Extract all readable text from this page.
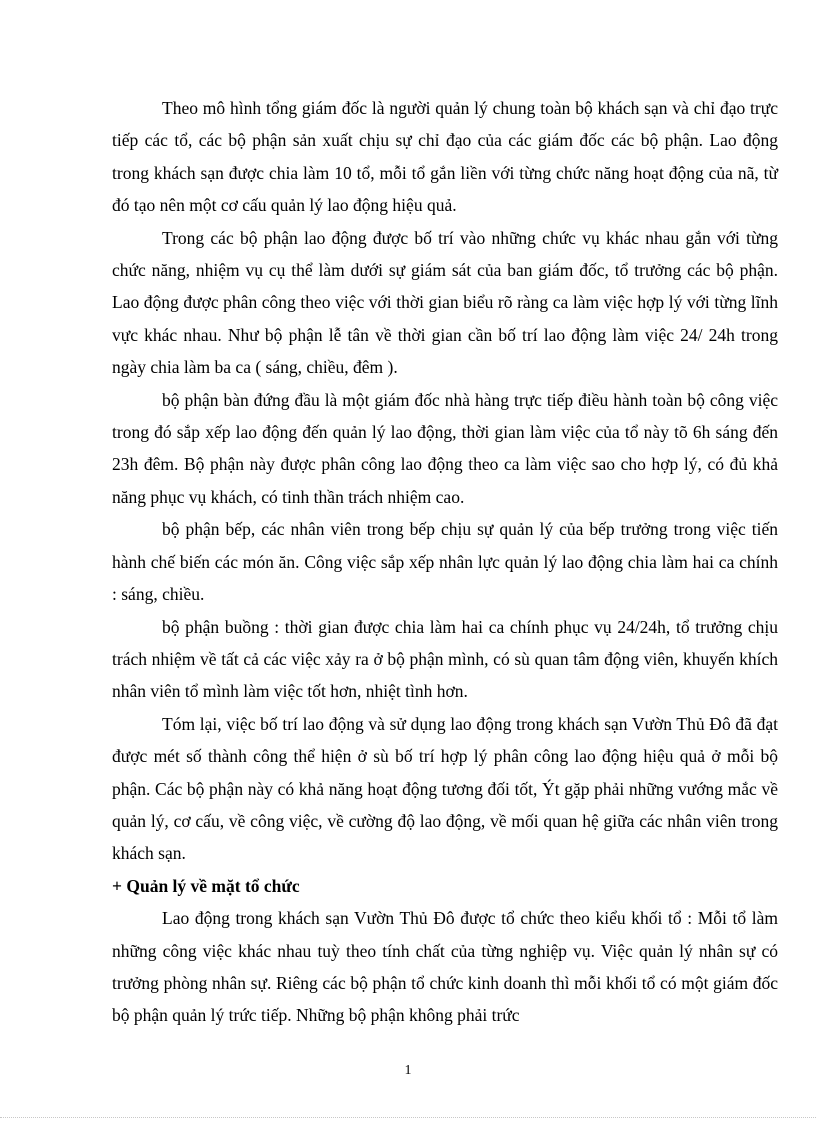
Theo mô hình tổng giám đốc là người quản lý chung toàn bộ khách sạn và chỉ đạo trực tiếp các tổ, các bộ phận sản xuất chịu sự chỉ đạo của các giám đốc các bộ phận. Lao động trong khách sạn được chia làm 10 tổ, mỗi tổ gắn liền với từng chức năng hoạt động của nã, từ đó tạo nên một cơ cấu quản lý lao động hiệu quả.

Trong các bộ phận lao động được bố trí vào những chức vụ khác nhau gắn với từng chức năng, nhiệm vụ cụ thể làm dưới sự giám sát của ban giám đốc, tổ trưởng các bộ phận. Lao động được phân công theo việc với thời gian biểu rõ ràng ca làm việc hợp lý với từng lĩnh vực khác nhau. Như bộ phận lễ tân về thời gian cần bố trí lao động làm việc 24/ 24h trong ngày chia làm ba ca ( sáng, chiều, đêm ).

bộ phận bàn đứng đầu là một giám đốc nhà hàng trực tiếp điều hành toàn bộ công việc trong đó sắp xếp lao động đến quản lý lao động, thời gian làm việc của tổ này tõ 6h sáng đến 23h đêm. Bộ phận này được phân công lao động theo ca làm việc sao cho hợp lý, có đủ khả năng phục vụ khách, có tinh thần trách nhiệm cao.

bộ phận bếp, các nhân viên trong bếp chịu sự quản lý của bếp trưởng trong việc tiến hành chế biến các món ăn. Công việc sắp xếp nhân lực quản lý lao động chia làm hai ca chính : sáng, chiều.

bộ phận buồng : thời gian được chia làm hai ca chính phục vụ 24/24h, tổ trưởng chịu trách nhiệm về tất cả các việc xảy ra ở bộ phận mình, có sù quan tâm động viên, khuyến khích nhân viên tổ mình làm việc tốt hơn, nhiệt tình hơn.

Tóm lại, việc bố trí lao động và sử dụng lao động trong khách sạn Vườn Thủ Đô đã đạt được mét số thành công thể hiện ở sù bố trí hợp lý phân công lao động hiệu quả ở mỗi bộ phận. Các bộ phận này có khả năng hoạt động tương đối tốt, Ýt gặp phải những vướng mắc về quản lý, cơ cấu, về công việc, về cường độ lao động, về mối quan hệ giữa các nhân viên trong khách sạn.

+ Quản lý về mặt tổ chức

Lao động trong khách sạn Vườn Thủ Đô được tổ chức theo kiểu khối tổ : Mỗi tổ làm những công việc khác nhau tuỳ theo tính chất của từng nghiệp vụ. Việc quản lý nhân sự có trưởng phòng nhân sự. Riêng các bộ phận tổ chức kinh doanh thì mỗi khối tổ có một giám đốc bộ phận quản lý trức tiếp. Những bộ phận không phải trức

1
